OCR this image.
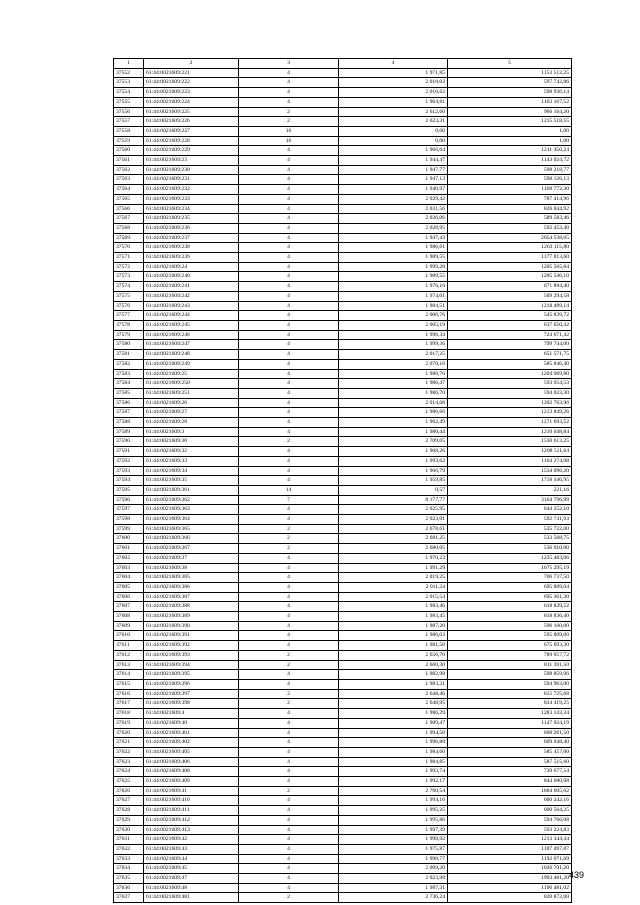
1	2	3	4	5
37552	61:44:0021609:221	4	1 971,85	1153 512,25
37553	61:44:0021609:222	4	2 018,03	597 742,86
37554	61:44:0021609:223	4	2 016,62	598 936,14
37555	61:44:0021609:224	4	1 964,81	1163 167,52
37556	61:44:0021609:225	2	2 612,60	966 164,20
37557	61:44:0021609:226	2	2 623,31	1215 518,55
37558	61:44:0021609:227	16	0,00	1,00
37559	61:44:0021609:228	16	0,00	1,00
37560	61:44:0021609:229	4	1 966,64	1211 450,24
37561	61:44:0021609:23	4	1 944,47	1143 024,72
37562	61:44:0021609:230	4	1 947,77	598 218,77
37563	61:44:0021609:231	4	1 947,13	598 126,13
37564	61:44:0021609:232	4	1 940,97	1168 772,30
37565	61:44:0021609:233	4	2 029,42	787 414,96
37566	61:44:0021609:234	4	2 031,56	826 844,92
37567	61:44:0021609:235	4	2 026,06	589 583,46
37568	61:44:0021609:236	4	2 028,95	592 453,40
37569	61:44:0021609:237	4	1 947,43	2054 538,65
37570	61:44:0021609:238	4	1 986,61	1263 115,80
37571	61:44:0021609:239	4	1 989,55	1177 813,60
37572	61:44:0021609:24	4	1 999,28	1205 565,84
37573	61:44:0021609:240	4	1 989,55	1205 546,10
37574	61:44:0021609:241	4	1 976,16	671 894,40
37575	61:44:0021609:242	4	1 974,01	509 294,58
37576	61:44:0021609:243	4	1 984,51	1218 489,14
37577	61:44:0021609:244	4	2 006,76	545 839,72
37578	61:44:0021609:245	4	2 005,19	637 650,42
37579	61:44:0021609:246	4	1 996,34	724 671,42
37580	61:44:0021609:247	4	1 999,36	799 744,00
37581	61:44:0021609:248	4	2 017,25	651 571,75
37582	61:44:0021609:249	4	2 070,16	585 846,40
37583	61:44:0021609:25	4	1 986,76	1204 969,80
37584	61:44:0021609:250	4	1 986,47	593 954,53
37585	61:44:0021609:251	4	1 986,70	594 023,30
37586	61:44:0021609:26	4	2 014,68	1202 763,96
37587	61:44:0021609:27	4	1 986,66	1213 849,26
37588	61:44:0021609:28	4	1 962,49	1271 693,52
37589	61:44:0021609:3	4	1 980,44	1210 048,84
37590	61:44:0021609:30	2	2 709,05	1530 613,25
37591	61:44:0021609:32	4	1 968,26	1208 511,64
37592	61:44:0021609:33	4	1 993,62	1164 274,08
37593	61:44:0021609:34	4	1 966,79	1534 096,20
37594	61:44:0021609:35	4	1 959,85	1718 346,95
37595	61:44:0021609:361	14	0,57	221,16
37596	61:44:0021609:362	7	8 177,77	3164 796,99
37597	61:44:0021609:363	4	2 025,95	644 252,10
37598	61:44:0021609:364	4	2 023,01	592 741,93
37599	61:44:0021609:365	2	2 678,61	535 722,00
37600	61:44:0021609:366	2	2 681,25	533 568,75
37601	61:44:0021609:367	2	2 680,05	536 010,00
37602	61:44:0021609:37	4	1 970,23	1225 483,06
37603	61:44:0021609:38	4	1 991,29	1675 295,19
37604	61:44:0021609:385	4	2 019,25	706 737,50
37605	61:44:0021609:386	4	2 011,24	695 889,04
37606	61:44:0021609:387	4	2 015,54	695 361,30
37607	61:44:0021609:388	4	1 983,46	618 839,52
37608	61:44:0021609:389	4	1 983,45	618 836,40
37609	61:44:0021609:390	4	1 987,20	596 160,00
37610	61:44:0021609:391	4	1 986,03	595 809,00
37611	61:44:0021609:392	4	1 981,50	675 693,30
37612	61:44:0021609:393	2	2 656,76	789 057,72
37613	61:44:0021609:394	2	2 660,30	811 391,50
37614	61:44:0021609:395	4	1 982,98	598 859,96
37615	61:44:0021609:396	4	1 983,21	594 963,00
37616	61:44:0021609:397	2	2 648,46	815 725,68
37617	61:44:0021609:398	2	2 648,95	834 419,25
37618	61:44:0021609:4	4	1 986,29	1283 143,34
37619	61:44:0021609:40	4	1 989,47	1147 924,19
37620	61:44:0021609:401	4	1 994,50	608 261,50
37621	61:44:0021609:402	4	1 996,88	609 048,40
37622	61:44:0021609:405	4	1 984,60	585 457,00
37623	61:44:0021609:406	4	1 984,85	587 515,60
37624	61:44:0021609:408	4	1 993,74	739 677,54
37625	61:44:0021609:409	4	1 992,17	844 680,08
37626	61:44:0021609:41	2	2 760,54	1664 605,62
37627	61:44:0021609:410	4	1 994,16	600 242,16
37628	61:44:0021609:411	4	1 995,25	600 564,25
37629	61:44:0021609:412	4	1 995,86	594 766,08
37630	61:44:0021609:413	4	1 997,39	593 224,83
37631	61:44:0021609:42	4	1 998,92	1213 344,44
37632	61:44:0021609:43	4	1 975,87	1187 497,87
37633	61:44:0021609:44	4	1 996,77	1192 071,69
37634	61:44:0021609:45	4	2 009,20	1026 701,20
37635	61:44:0021609:47	4	2 023,98	1993 481,20
37636	61:44:0021609:48	4	1 987,31	1196 481,02
37637	61:44:0021609:481	2	2 736,24	820 872,00
439
